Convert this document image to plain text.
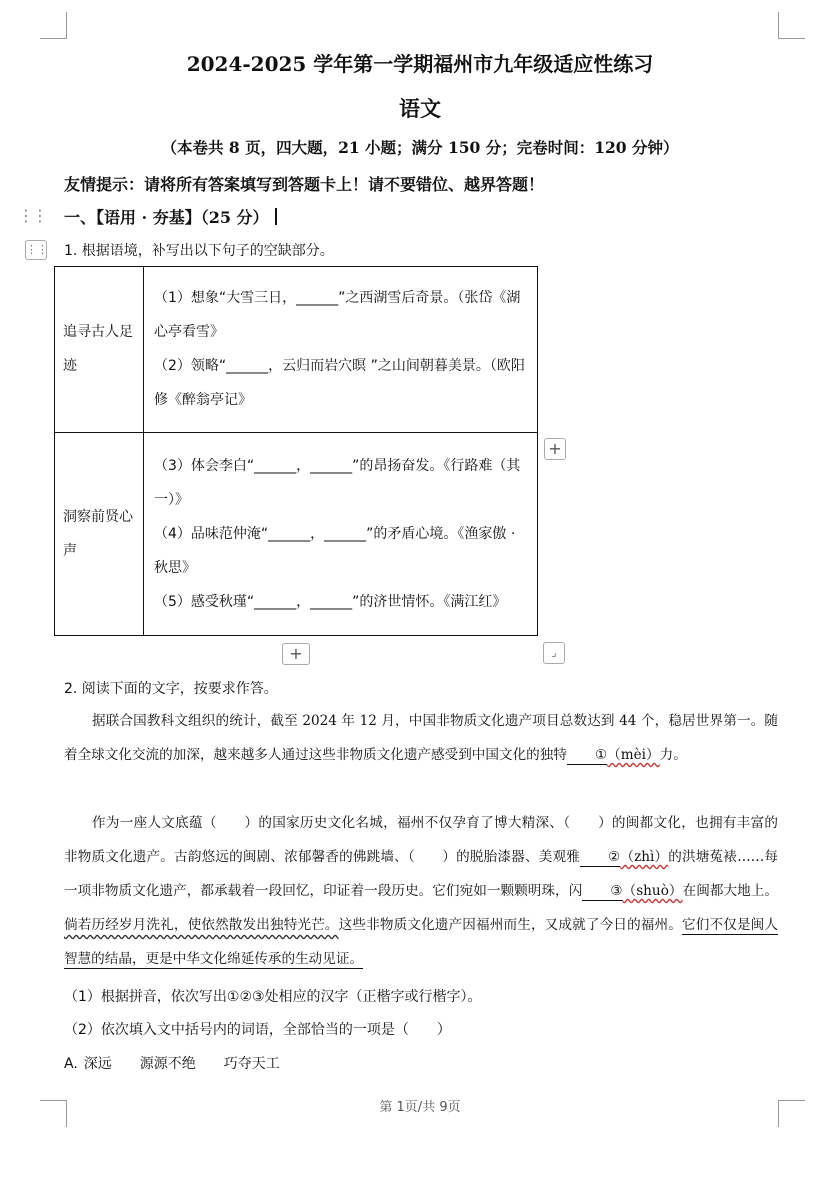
2024-2025 学年第一学期福州市九年级适应性练习
语文
（本卷共 8 页，四大题，21 小题；满分 150 分；完卷时间：120 分钟）
友情提示：请将所有答案填写到答题卡上！请不要错位、越界答题！
⋮⋮ 一、【语用 · 夯基】（25 分）
⋮⋮ 1. 根据语境，补写出以下句子的空缺部分。
追寻古人足迹	（1）想象“大雪三日，______”之西湖雪后奇景。（张岱《湖心亭看雪》
（2）领略“______，云归而岩穴暝 ”之山间朝暮美景。（欧阳修《醉翁亭记》

洞察前贤心声	（3）体会李白“______，______”的昂扬奋发。《行路难（其一）》
（4）品味范仲淹“______，______”的矛盾心境。《渔家傲 · 秋思》
（5）感受秋瑾“______，______”的济世情怀。《满江红》
+
+	⌟
2. 阅读下面的文字，按要求作答。
据联合国教科文组织的统计，截至 2024 年 12 月，中国非物质文化遗产项目总数达到 44 个，稳居世界第一。随着全球文化交流的加深，越来越多人通过这些非物质文化遗产感受到中国文化的独特 ①（mèi）力。
作为一座人文底蕴（　　）的国家历史文化名城，福州不仅孕育了博大精深、（　　）的闽都文化，也拥有丰富的非物质文化遗产。古韵悠远的闽剧、浓郁馨香的佛跳墙、（　　）的脱胎漆器、美观雅 ②（zhì）的洪塘菟裱……每一项非物质文化遗产，都承载着一段回忆，印证着一段历史。它们宛如一颗颗明珠，闪 ③（shuò）在闽都大地上。倘若历经岁月洗礼，使依然散发出独特光芒。这些非物质文化遗产因福州而生，又成就了今日的福州。它们不仅是闽人智慧的结晶，更是中华文化绵延传承的生动见证。
（1）根据拼音，依次写出①②③处相应的汉字（正楷字或行楷字）。
（2）依次填入文中括号内的词语，全部恰当的一项是（　　）
A. 深远 源源不绝 巧夺天工
第 1页/共 9页
